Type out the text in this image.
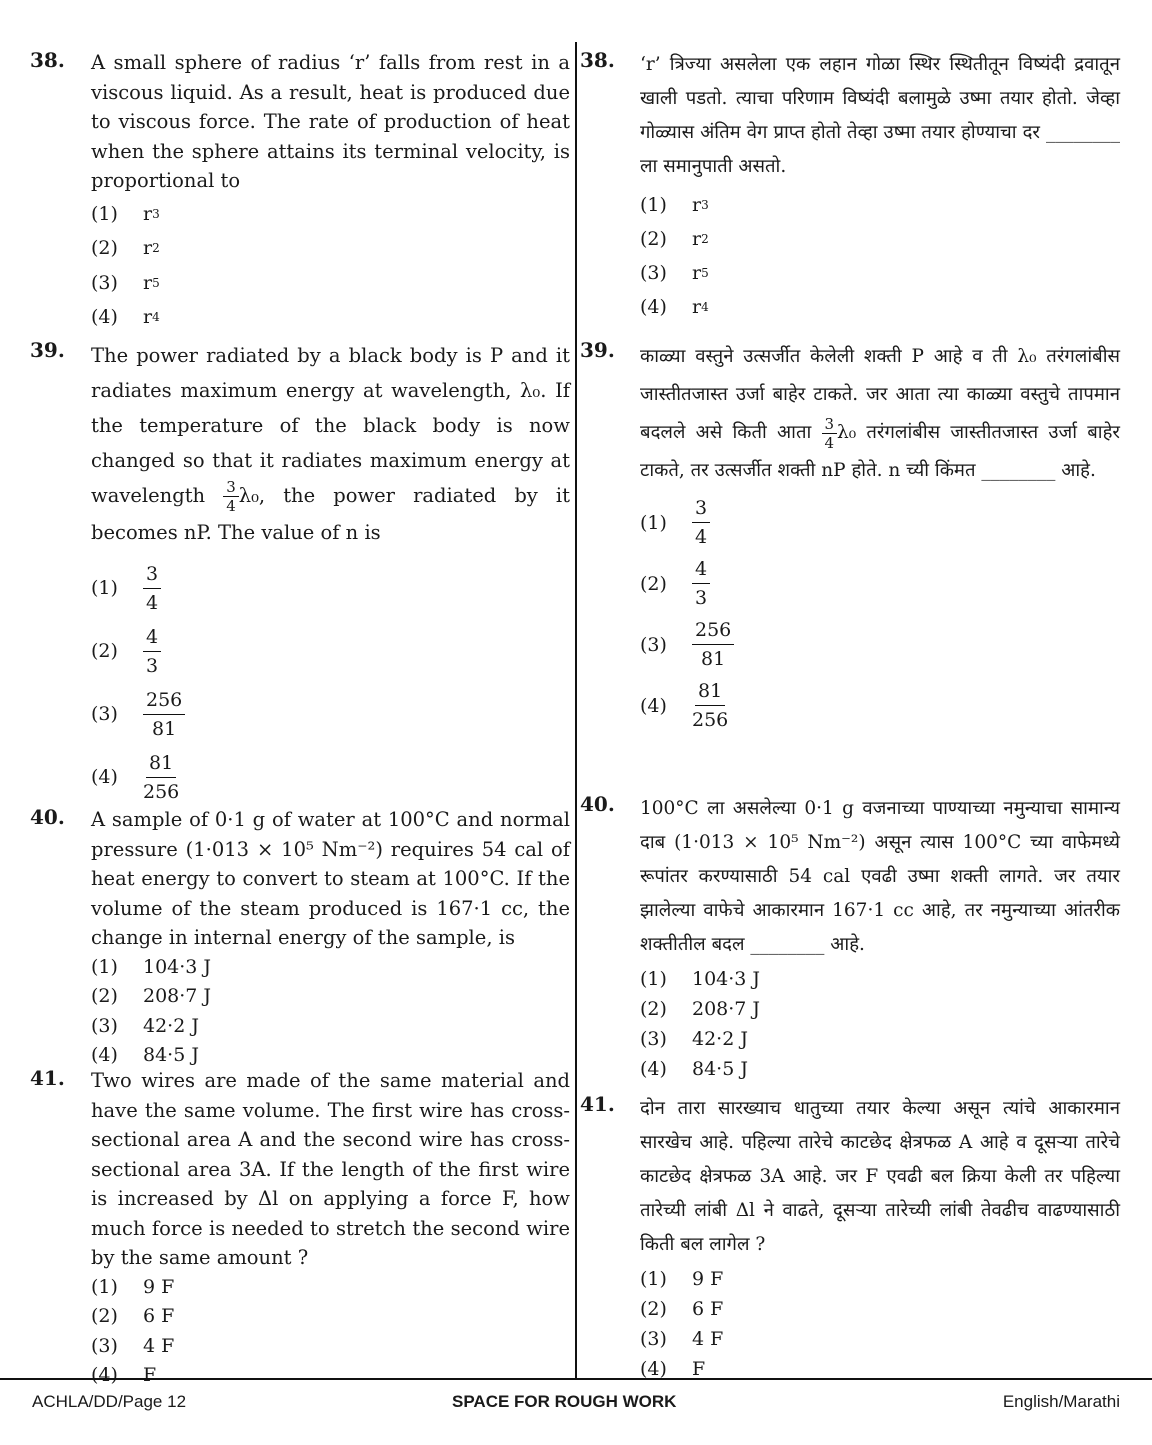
38. A small sphere of radius ‘r’ falls from rest in a viscous liquid. As a result, heat is produced due to viscous force. The rate of production of heat when the sphere attains its terminal velocity, is proportional to
(1)	r 3
(2)	r 2
(3)	r 5
(4)	r 4
39. The power radiated by a black body is P and it radiates maximum energy at wavelength, λ₀. If the temperature of the black body is now changed so that it radiates maximum energy at wavelength $\frac{3}{4} \lambda_0$, the power radiated by it becomes nP. The value of n is
(1)	$\frac{3}{4}$
(2)	$\frac{4}{3}$
(3)	$\frac{256}{81}$
(4)	$\frac{81}{256}$
40. A sample of 0·1 g of water at 100°C and normal pressure (1·013 × 10⁵ Nm⁻²) requires 54 cal of heat energy to convert to steam at 100°C. If the volume of the steam produced is 167·1 cc, the change in internal energy of the sample, is
(1)	104·3 J
(2)	208·7 J
(3)	42·2 J
(4)	84·5 J
41. Two wires are made of the same material and have the same volume. The first wire has cross-sectional area A and the second wire has cross-sectional area 3A. If the length of the first wire is increased by Δl on applying a force F, how much force is needed to stretch the second wire by the same amount ?
(1)	9 F
(2)	6 F
(3)	4 F
(4)	F
38. ‘r’ त्रिज्या असलेला एक लहान गोळा स्थिर स्थितीतून विष्यंदी द्रवातून खाली पडतो. त्याचा परिणाम विष्यंदी बलामुळे उष्मा तयार होतो. जेव्हा गोळ्यास अंतिम वेग प्राप्त होतो तेव्हा उष्मा तयार होण्याचा दर ________ ला समानुपाती असतो.
(1)	r 3
(2)	r 2
(3)	r 5
(4)	r 4
39. काळ्या वस्तुने उत्सर्जीत केलेली शक्ती P आहे व ती λ₀ तरंगलांबीस जास्तीतजास्त उर्जा बाहेर टाकते. जर आता त्या काळ्या वस्तुचे तापमान बदलले असे किती आता $\frac{3}{4} \lambda_0$ तरंगलांबीस जास्तीतजास्त उर्जा बाहेर टाकते, तर उत्सर्जीत शक्ती nP होते. n च्यी किंमत ________ आहे.
(1)	$\frac{3}{4}$
(2)	$\frac{4}{3}$
(3)	$\frac{256}{81}$
(4)	$\frac{81}{256}$
40. 100°C ला असलेल्या 0·1 g वजनाच्या पाण्याच्या नमुन्याचा सामान्य दाब (1·013 × 10⁵ Nm⁻²) असून त्यास 100°C च्या वाफेमध्ये रूपांतर करण्यासाठी 54 cal एवढी उष्मा शक्ती लागते. जर तयार झालेल्या वाफेचे आकारमान 167·1 cc आहे, तर नमुन्याच्या आंतरीक शक्तीतील बदल ________ आहे.
(1)	104·3 J
(2)	208·7 J
(3)	42·2 J
(4)	84·5 J
41. दोन तारा सारख्याच धातुच्या तयार केल्या असून त्यांचे आकारमान सारखेच आहे. पहिल्या तारेचे काटछेद क्षेत्रफळ A आहे व दूसऱ्या तारेचे काटछेद क्षेत्रफळ 3A आहे. जर F एवढी बल क्रिया केली तर पहिल्या तारेच्यी लांबी Δl ने वाढते, दूसऱ्या तारेच्यी लांबी तेवढीच वाढण्यासाठी किती बल लागेल ?
(1)	9 F
(2)	6 F
(3)	4 F
(4)	F
ACHLA/DD/Page 12	SPACE FOR ROUGH WORK	English/Marathi
